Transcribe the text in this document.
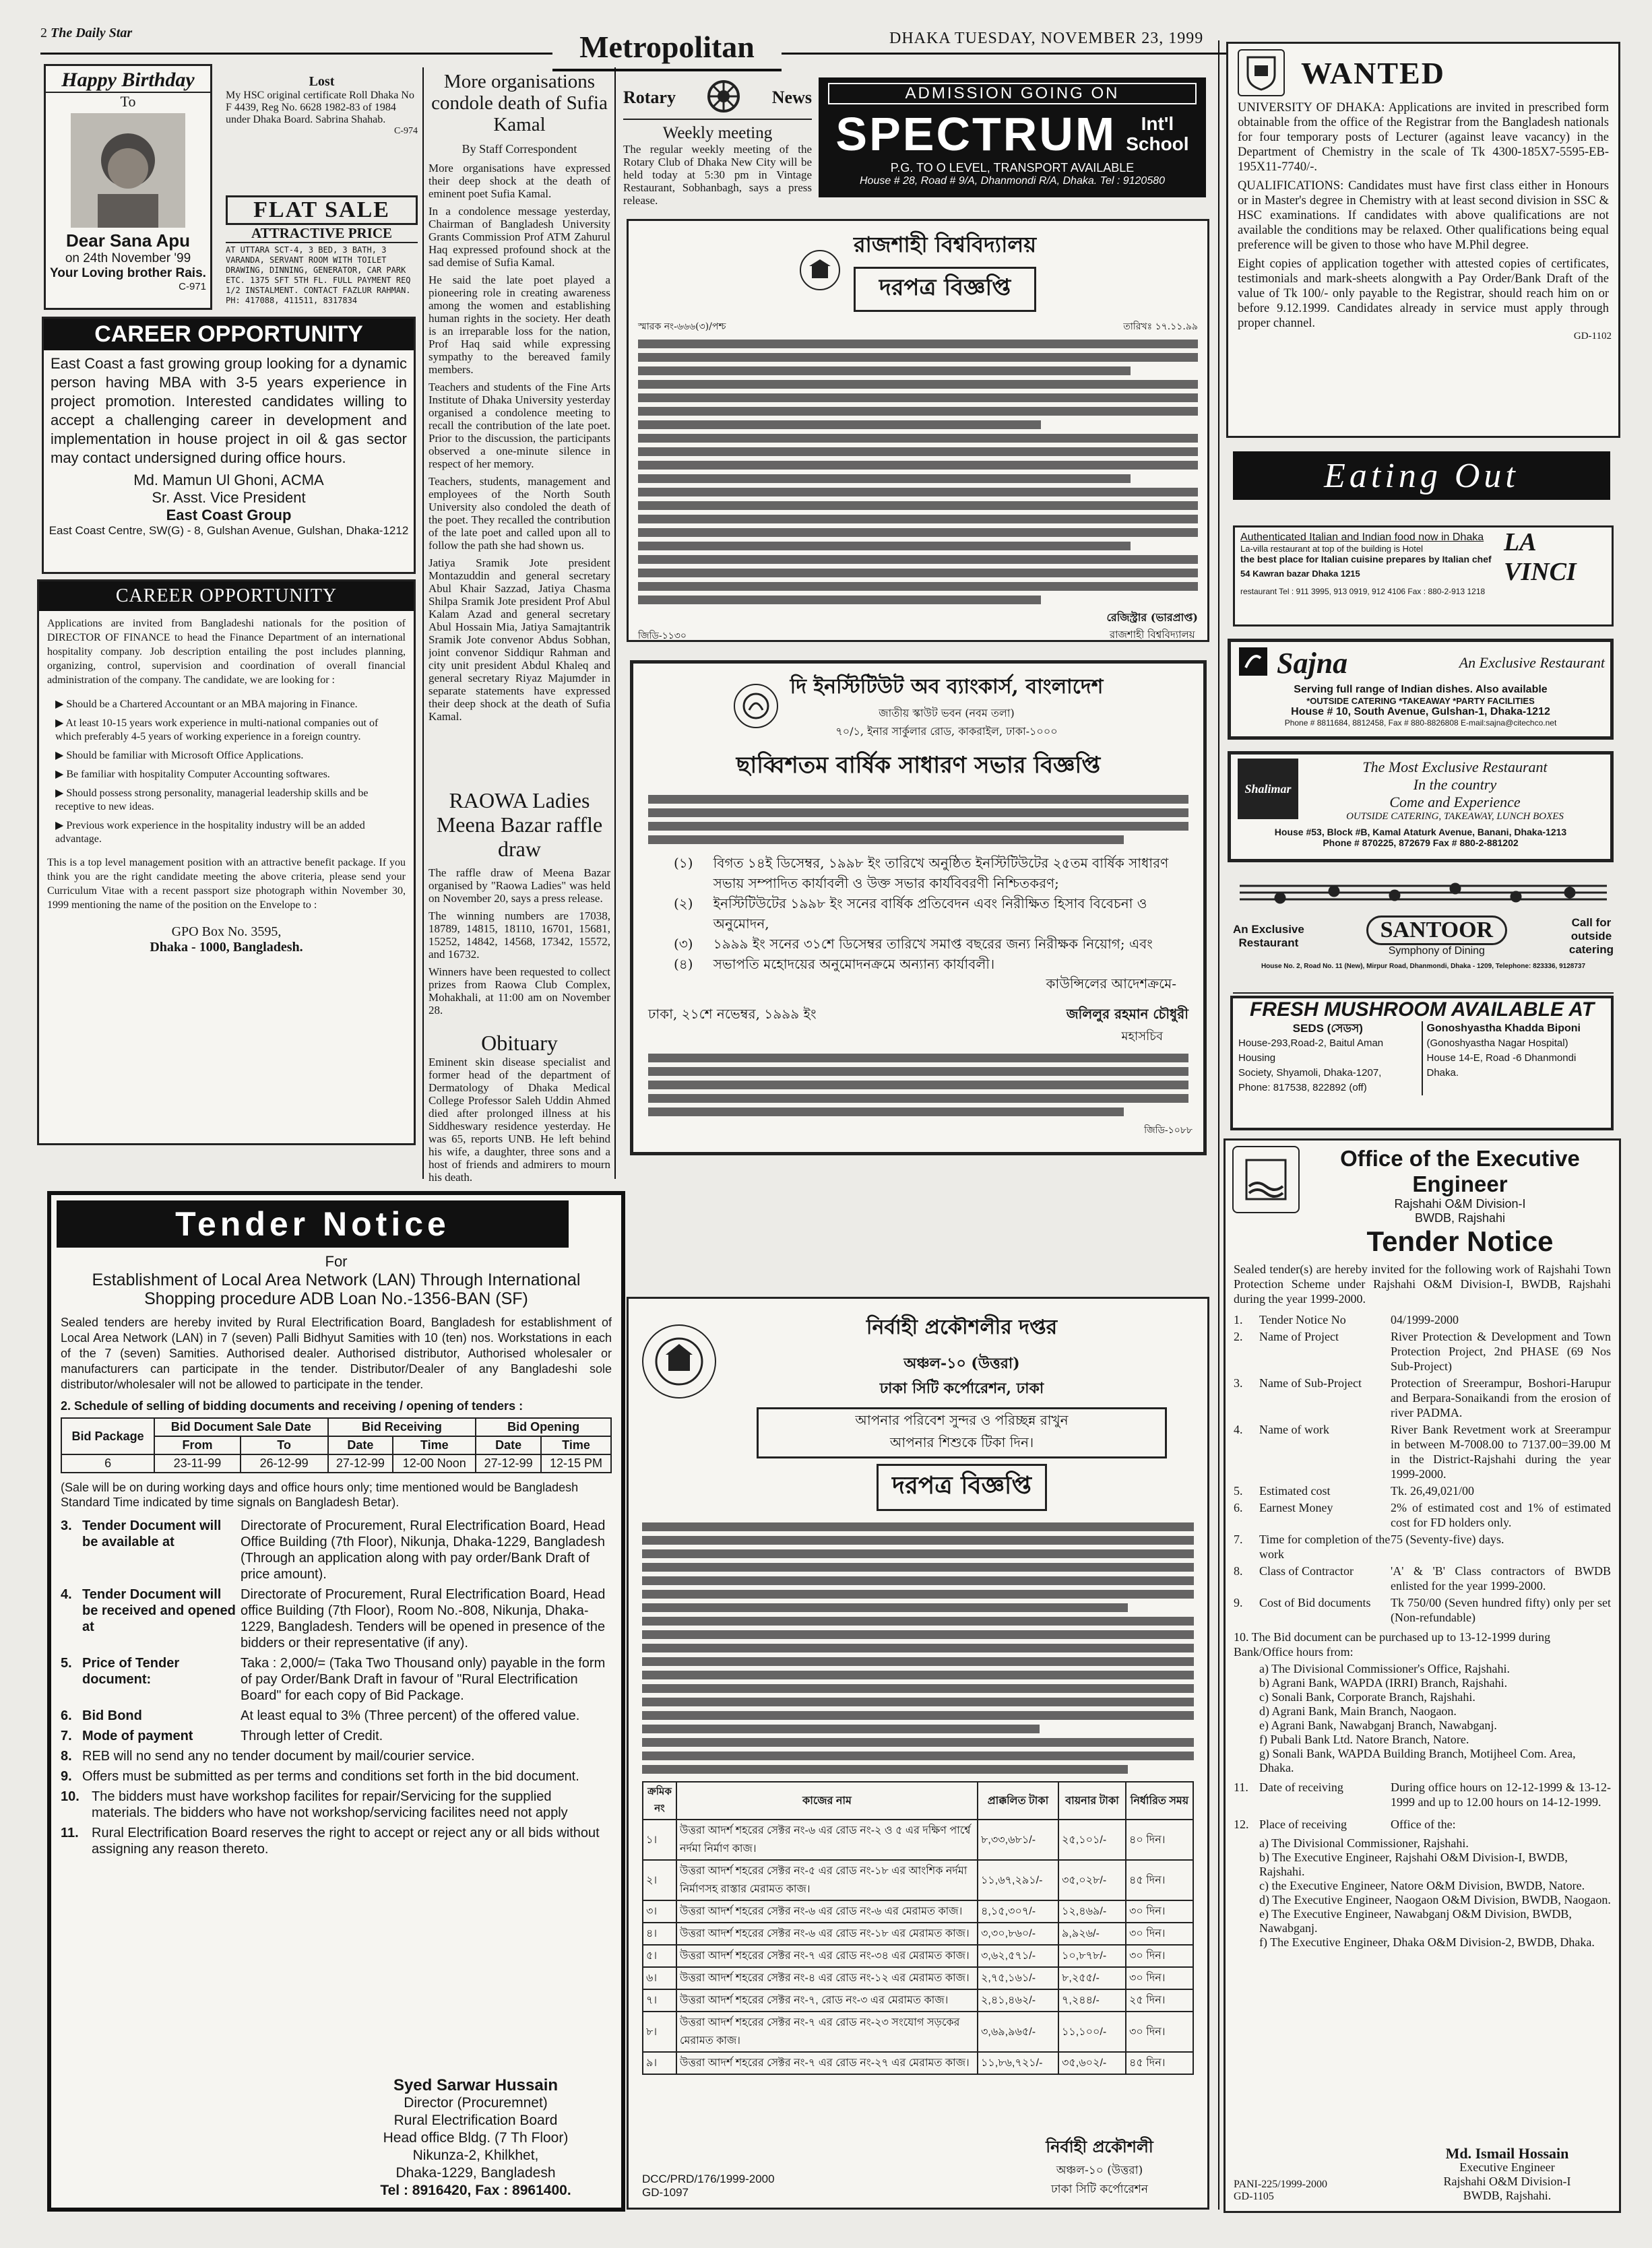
2 The Daily Star	Metropolitan	DHAKA TUESDAY, NOVEMBER 23, 1999
Happy Birthday
To
Dear Sana Apu
on 24th November '99
Your Loving brother Rais.
C-971
Lost
My HSC original certificate Roll Dhaka No F 4439, Reg No. 6628 1982-83 of 1984 under Dhaka Board. Sabrina Shahab.
C-974
FLAT SALE
ATTRACTIVE PRICE
AT UTTARA SCT-4, 3 BED, 3 BATH, 3 VARANDA, SERVANT ROOM WITH TOILET DRAWING, DINNING, GENERATOR, CAR PARK ETC. 1375 SFT 5TH FL. FULL PAYMENT REQ 1/2 INSTALMENT. CONTACT FAZLUR RAHMAN. PH: 417088, 411511, 8317834
CAREER OPPORTUNITY
East Coast a fast growing group looking for a dynamic person having MBA with 3-5 years experience in project promotion. Interested candidates willing to accept a challenging career in development and implementation in house project in oil & gas sector may contact undersigned during office hours.
Md. Mamun Ul Ghoni, ACMA
Sr. Asst. Vice President
East Coast Group
East Coast Centre, SW(G) - 8, Gulshan Avenue, Gulshan, Dhaka-1212
CAREER OPPORTUNITY
Applications are invited from Bangladeshi nationals for the position of DIRECTOR OF FINANCE to head the Finance Department of an international hospitality company. Job description entailing the post includes planning, organizing, control, supervision and coordination of overall financial administration of the company. The candidate, we are looking for :
▶ Should be a Chartered Accountant or an MBA majoring in Finance.
▶ At least 10-15 years work experience in multi-national companies out of which preferably 4-5 years of working experience in a foreign country.
▶ Should be familiar with Microsoft Office Applications.
▶ Be familiar with hospitality Computer Accounting softwares.
▶ Should possess strong personality, managerial leadership skills and be receptive to new ideas.
▶ Previous work experience in the hospitality industry will be an added advantage.
This is a top level management position with an attractive benefit package. If you think you are the right candidate meeting the above criteria, please send your Curriculum Vitae with a recent passport size photograph within November 30, 1999 mentioning the name of the position on the Envelope to :
GPO Box No. 3595,
Dhaka - 1000, Bangladesh.
More organisations condole death of Sufia Kamal
By Staff Correspondent
More organisations have expressed their deep shock at the death of eminent poet Sufia Kamal.
In a condolence message yesterday, Chairman of Bangladesh University Grants Commission Prof ATM Zahurul Haq expressed profound shock at the sad demise of Sufia Kamal.
He said the late poet played a pioneering role in creating awareness among the women and establishing human rights in the society. Her death is an irreparable loss for the nation, Prof Haq said while expressing sympathy to the bereaved family members.
Teachers and students of the Fine Arts Institute of Dhaka University yesterday organised a condolence meeting to recall the contribution of the late poet. Prior to the discussion, the participants observed a one-minute silence in respect of her memory.
Teachers, students, management and employees of the North South University also condoled the death of the poet. They recalled the contribution of the late poet and called upon all to follow the path she had shown us.
Jatiya Sramik Jote president Montazuddin and general secretary Abul Khair Sazzad, Jatiya Chasma Shilpa Sramik Jote president Prof Abul Kalam Azad and general secretary Abul Hossain Mia, Jatiya Samajtantrik Sramik Jote convenor Abdus Sobhan, joint convenor Siddiqur Rahman and city unit president Abdul Khaleq and general secretary Riyaz Majumder in separate statements have expressed their deep shock at the death of Sufia Kamal.
RAOWA Ladies Meena Bazar raffle draw
The raffle draw of Meena Bazar organised by "Raowa Ladies" was held on November 20, says a press release.
The winning numbers are 17038, 18789, 14815, 18110, 16701, 15681, 15252, 14842, 14568, 17342, 15572, and 16732.
Winners have been requested to collect prizes from Raowa Club Complex, Mohakhali, at 11:00 am on November 28.
Obituary
Eminent skin disease specialist and former head of the department of Dermatology of Dhaka Medical College Professor Saleh Uddin Ahmed died after prolonged illness at his Siddheswary residence yesterday. He was 65, reports UNB. He left behind his wife, a daughter, three sons and a host of friends and admirers to mourn his death.
Rotary	News
Weekly meeting
The regular weekly meeting of the Rotary Club of Dhaka New City will be held today at 5:30 pm in Vintage Restaurant, Sobhanbagh, says a press release.
ADMISSION GOING ON
SPECTRUM	Int'l
School
P.G. TO O LEVEL, TRANSPORT AVAILABLE
House # 28, Road # 9/A, Dhanmondi R/A, Dhaka. Tel : 9120580
রাজশাহী বিশ্ববিদ্যালয়
দরপত্র বিজ্ঞপ্তি
স্মারক নং-৬৬৬(৩)/পশ্চ	তারিখঃ ১৭.১১.৯৯
জিডি-১১৩০
রেজিস্ট্রার (ভারপ্রাপ্ত)
রাজশাহী বিশ্ববিদ্যালয়
দি ইনস্টিটিউট অব ব্যাংকার্স, বাংলাদেশ
জাতীয় স্কাউট ভবন (নবম তলা)
৭০/১, ইনার সার্কুলার রোড, কাকরাইল, ঢাকা-১০০০
ছাব্বিশতম বার্ষিক সাধারণ সভার বিজ্ঞপ্তি
(১) বিগত ১৪ই ডিসেম্বর, ১৯৯৮ ইং তারিখে অনুষ্ঠিত ইনস্টিটিউটের ২৫তম বার্ষিক সাধারণ সভায় সম্পাদিত কার্যাবলী ও উক্ত সভার কার্যবিবরণী নিশ্চিতকরণ;
(২) ইনস্টিটিউটের ১৯৯৮ ইং সনের বার্ষিক প্রতিবেদন এবং নিরীক্ষিত হিসাব বিবেচনা ও অনুমোদন,
(৩) ১৯৯৯ ইং সনের ৩১শে ডিসেম্বর তারিখে সমাপ্ত বছরের জন্য নিরীক্ষক নিয়োগ; এবং
(৪) সভাপতি মহোদয়ের অনুমোদনক্রমে অন্যান্য কার্যাবলী।
কাউন্সিলের আদেশক্রমে-
ঢাকা, ২১শে নভেম্বর, ১৯৯৯ ইং	জলিলুর রহমান চৌধুরী
মহাসচিব
জিডি-১০৮৮
Tender Notice
For
Establishment of Local Area Network (LAN) Through International Shopping procedure ADB Loan No.-1356-BAN (SF)
Sealed tenders are hereby invited by Rural Electrification Board, Bangladesh for establishment of Local Area Network (LAN) in 7 (seven) Palli Bidhyut Samities with 10 (ten) nos. Workstations in each of the 7 (seven) Samities. Authorised dealer. Authorised distributor, Authorised wholesaler or manufacturers can participate in the tender. Distributor/Dealer of any Bangladeshi sole distributor/wholesaler will not be allowed to participate in the tender.
2. Schedule of selling of bidding documents and receiving / opening of tenders :
Bid Package	Bid Document Sale Date		Bid Receiving		Bid Opening	
	From	To	Date	Time	Date	Time
6	23-11-99	26-12-99	27-12-99	12-00 Noon	27-12-99	12-15 PM
(Sale will be on during working days and office hours only; time mentioned would be Bangladesh Standard Time indicated by time signals on Bangladesh Betar).
3. Tender Document will be available at
Directorate of Procurement, Rural Electrification Board, Head Office Building (7th Floor), Nikunja, Dhaka-1229, Bangladesh (Through an application along with pay order/Bank Draft of price amount).
4. Tender Document will be received and opened at
Directorate of Procurement, Rural Electrification Board, Head office Building (7th Floor), Room No.-808, Nikunja, Dhaka-1229, Bangladesh. Tenders will be opened in presence of the bidders or their representative (if any).
5. Price of Tender document:
Taka : 2,000/= (Taka Two Thousand only) payable in the form of pay Order/Bank Draft in favour of "Rural Electrification Board" for each copy of Bid Package.
6. Bid Bond	At least equal to 3% (Three percent) of the offered value.
7. Mode of payment	Through letter of Credit.
8. REB will no send any no tender document by mail/courier service.
9. Offers must be submitted as per terms and conditions set forth in the bid document.
10. The bidders must have workshop facilites for repair/Servicing for the supplied materials. The bidders who have not workshop/servicing facilites need not apply
11. Rural Electrification Board reserves the right to accept or reject any or all bids without assigning any reason thereto.
Syed Sarwar Hussain
Director (Procuremnet)
Rural Electrification Board
Head office Bldg. (7 Th Floor)
Nikunza-2, Khilkhet,
Dhaka-1229, Bangladesh
Tel : 8916420, Fax : 8961400.
নির্বাহী প্রকৌশলীর দপ্তর
অঞ্চল-১০ (উত্তরা)
ঢাকা সিটি কর্পোরেশন, ঢাকা
আপনার পরিবেশ সুন্দর ও পরিচ্ছন্ন রাখুন
আপনার শিশুকে টিকা দিন।
দরপত্র বিজ্ঞপ্তি
ক্রমিক নং	কাজের নাম	প্রাক্কলিত টাকা	বায়নার টাকা	নির্ধারিত সময়
১।	উত্তরা আদর্শ শহরের সেক্টর নং-৬ এর রোড নং-২ ও ৫ এর দক্ষিণ পার্শ্বে নর্দমা নির্মাণ কাজ।	৮,৩৩,৬৮১/-	২৫,১০১/-	৪০ দিন।
২।	উত্তরা আদর্শ শহরের সেক্টর নং-৫ এর রোড নং-১৮ এর আংশিক নর্দমা নির্মাণসহ রাস্তার মেরামত কাজ।	১১,৬৭,২৯১/-	৩৫,০২৮/-	৪৫ দিন।
৩।	উত্তরা আদর্শ শহরের সেক্টর নং-৬ এর রোড নং-৬ এর মেরামত কাজ।	৪,১৫,৩০৭/-	১২,৪৬৯/-	৩০ দিন।
৪।	উত্তরা আদর্শ শহরের সেক্টর নং-৬ এর রোড নং-১৮ এর মেরামত কাজ।	৩,৩০,৮৬০/-	৯,৯২৬/-	৩০ দিন।
৫।	উত্তরা আদর্শ শহরের সেক্টর নং-৭ এর রোড নং-৩৪ এর মেরামত কাজ।	৩,৬২,৫৭১/-	১০,৮৭৮/-	৩০ দিন।
৬।	উত্তরা আদর্শ শহরের সেক্টর নং-৪ এর রোড নং-১২ এর মেরামত কাজ।	২,৭৫,১৬১/-	৮,২৫৫/-	৩০ দিন।
৭।	উত্তরা আদর্শ শহরের সেক্টর নং-৭, রোড নং-৩ এর মেরামত কাজ।	২,৪১,৪৬২/-	৭,২৪৪/-	২৫ দিন।
৮।	উত্তরা আদর্শ শহরের সেক্টর নং-৭ এর রোড নং-২৩ সংযোগ সড়কের মেরামত কাজ।	৩,৬৯,৯৬৫/-	১১,১০০/-	৩০ দিন।
৯।	উত্তরা আদর্শ শহরের সেক্টর নং-৭ এর রোড নং-২৭ এর মেরামত কাজ।	১১,৮৬,৭২১/-	৩৫,৬০২/-	৪৫ দিন।
DCC/PRD/176/1999-2000
GD-1097
নির্বাহী প্রকৌশলী
অঞ্চল-১০ (উত্তরা)
ঢাকা সিটি কর্পোরেশন
WANTED
UNIVERSITY OF DHAKA: Applications are invited in prescribed form obtainable from the office of the Registrar from the Bangladesh nationals for four temporary posts of Lecturer (against leave vacancy) in the Department of Chemistry in the scale of Tk 4300-185X7-5595-EB-195X11-7740/-.
QUALIFICATIONS: Candidates must have first class either in Honours or in Master's degree in Chemistry with at least second division in SSC & HSC examinations. If candidates with above qualifications are not available the conditions may be relaxed. Other qualifications being equal preference will be given to those who have M.Phil degree.
Eight copies of application together with attested copies of certificates, testimonials and mark-sheets alongwith a Pay Order/Bank Draft of the value of Tk 100/- only payable to the Registrar, should reach him on or before 9.12.1999. Candidates already in service must apply through proper channel.
GD-1102
Eating Out
Authenticated Italian and Indian food now in Dhaka
La-villa restaurant at top of the building is Hotel
the best place for Italian cuisine prepares by Italian chef
54 Kawran bazar Dhaka 1215
LA VINCI
restaurant Tel : 911 3995, 913 0919, 912 4106 Fax : 880-2-913 1218
Sajna	An Exclusive Restaurant
Serving full range of Indian dishes. Also available
*OUTSIDE CATERING *TAKEAWAY *PARTY FACILITIES
House # 10, South Avenue, Gulshan-1, Dhaka-1212
Phone # 8811684, 8812458, Fax # 880-8826808 E-mail:sajna@citechco.net
Shalimar
The Most Exclusive Restaurant
In the country
Come and Experience
OUTSIDE CATERING, TAKEAWAY, LUNCH BOXES
House #53, Block #B, Kamal Ataturk Avenue, Banani, Dhaka-1213
Phone # 870225, 872679 Fax # 880-2-881202
An Exclusive
Restaurant
SANTOOR
Symphony of Dining
Call for
outside
catering
House No. 2, Road No. 11 (New), Mirpur Road, Dhanmondi, Dhaka - 1209, Telephone: 823336, 9128737
FRESH MUSHROOM AVAILABLE AT
SEDS (সেডস)
House-293,Road-2, Baitul Aman Housing
Society, Shyamoli, Dhaka-1207,
Phone: 817538, 822892 (off)
Gonoshyastha Khadda Biponi
(Gonoshyastha Nagar Hospital)
House 14-E, Road -6 Dhanmondi
Dhaka.
Office of the Executive Engineer
Rajshahi O&M Division-I
BWDB, Rajshahi
Tender Notice
Sealed tender(s) are hereby invited for the following work of Rajshahi Town Protection Scheme under Rajshahi O&M Division-I, BWDB, Rajshahi during the year 1999-2000.
1.	Tender Notice No	04/1999-2000
2.	Name of Project	River Protection & Development and Town Protection Project, 2nd PHASE (69 Nos Sub-Project)
3.	Name of Sub-Project	Protection of Sreerampur, Boshori-Harupur and Berpara-Sonaikandi from the erosion of river PADMA.
4.	Name of work	River Bank Revetment work at Sreerampur in between M-7008.00 to 7137.00=39.00 M in the District-Rajshahi during the year 1999-2000.
5.	Estimated cost	Tk. 26,49,021/00
6.	Earnest Money	2% of estimated cost and 1% of estimated cost for FD holders only.
7.	Time for completion of the work
75 (Seventy-five) days.
8.	Class of Contractor	'A' & 'B' Class contractors of BWDB enlisted for the year 1999-2000.
9.	Cost of Bid documents	Tk 750/00 (Seven hundred fifty) only per set (Non-refundable)
10. The Bid document can be purchased up to 13-12-1999 during Bank/Office hours from:
a) The Divisional Commissioner's Office, Rajshahi.
b) Agrani Bank, WAPDA (IRRI) Branch, Rajshahi.
c) Sonali Bank, Corporate Branch, Rajshahi.
d) Agrani Bank, Main Branch, Naogaon.
e) Agrani Bank, Nawabganj Branch, Nawabganj.
f) Pubali Bank Ltd. Natore Branch, Natore.
g) Sonali Bank, WAPDA Building Branch, Motijheel Com. Area, Dhaka.
11. Date of receiving	During office hours on 12-12-1999 & 13-12-1999 and up to 12.00 hours on 14-12-1999.
12. Place of receiving	Office of the:
a) The Divisional Commissioner, Rajshahi.
b) The Executive Engineer, Rajshahi O&M Division-I, BWDB, Rajshahi.
c) the Executive Engineer, Natore O&M Division, BWDB, Natore.
d) The Executive Engineer, Naogaon O&M Division, BWDB, Naogaon.
e) The Executive Engineer, Nawabganj O&M Division, BWDB, Nawabganj.
f) The Executive Engineer, Dhaka O&M Division-2, BWDB, Dhaka.
Md. Ismail Hossain
Executive Engineer
Rajshahi O&M Division-I
BWDB, Rajshahi.
PANI-225/1999-2000
GD-1105
